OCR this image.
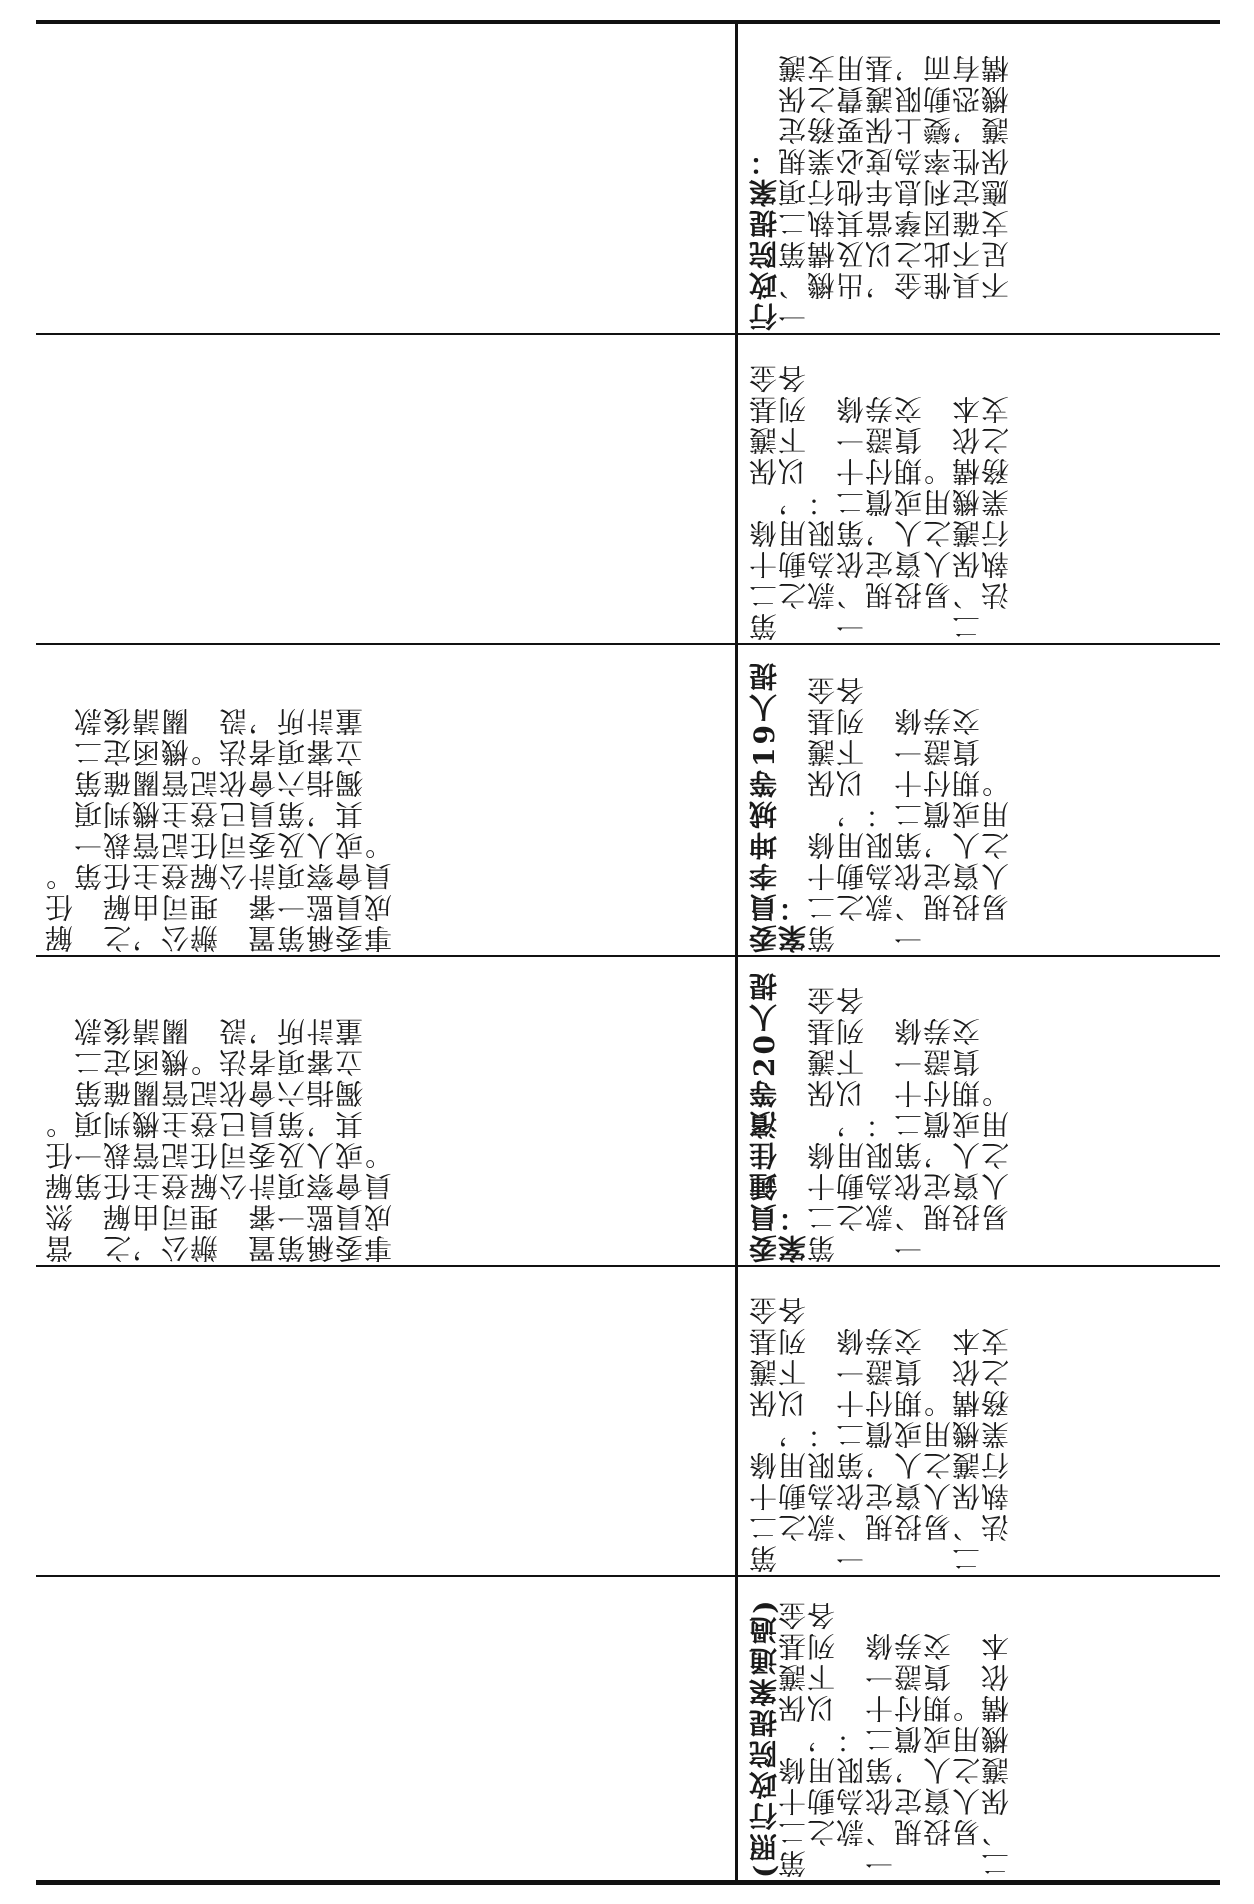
解任。
　　第一項第二款
之解任裁判確定後
，由主管機關函請
公司登記主管機關
辦理解任登記。
　　公司已依法設
置審計委員會者，
第一項及第六項所
稱監察人，指審計
委員會或其獨立董
事成員。
當然解任。
　　第一項第二款
之解任裁判確定後
，由主管機關函請
公司登記主管機關
辦理解任登記。
　　公司已依法設
置審計委員會者，
第一項及第六項所
稱監察人，指審計
委員會或其獨立董
事成員。
行政院提案：
一、第二項規定保護
　機構執行業務之支
　出及其他必要費用
　，以當年度保護基
　金之孳息為上限，
　惟此因利率變動而
　具不確定性，恐有
　不足支應保護機構
第二十條　保護基金
　之動用，以下列各
　款為限：
一、依第二十一條
　規定，償付證券
　投資人或期貨交
　易人之用。
二、保護機構依本
　法執行業務之支
委員李坤城等19人提
案：
第二十條　保護基金
　之動用，以下列各
　款為限：
一、依第二十一條
　規定，償付證券
　投資人或期貨交
　易人之用。
委員鍾佳濱等20人提
案：
第二十條　保護基金
　之動用，以下列各
　款為限：
一、依第二十一條
　規定，償付證券
　投資人或期貨交
　易人之用。
第二十條　保護基金
　之動用，以下列各
　款為限：
一、依第二十一條
　規定，償付證券
　投資人或期貨交
　易人之用。
二、保護機構依本
　法執行業務之支
(照行政院提案通過)
第二十條　保護基金
　之動用，以下列各
　款為限：
一、依第二十一條
　規定，償付證券
　投資人或期貨交
　易人之用。
二、保護機構依本
